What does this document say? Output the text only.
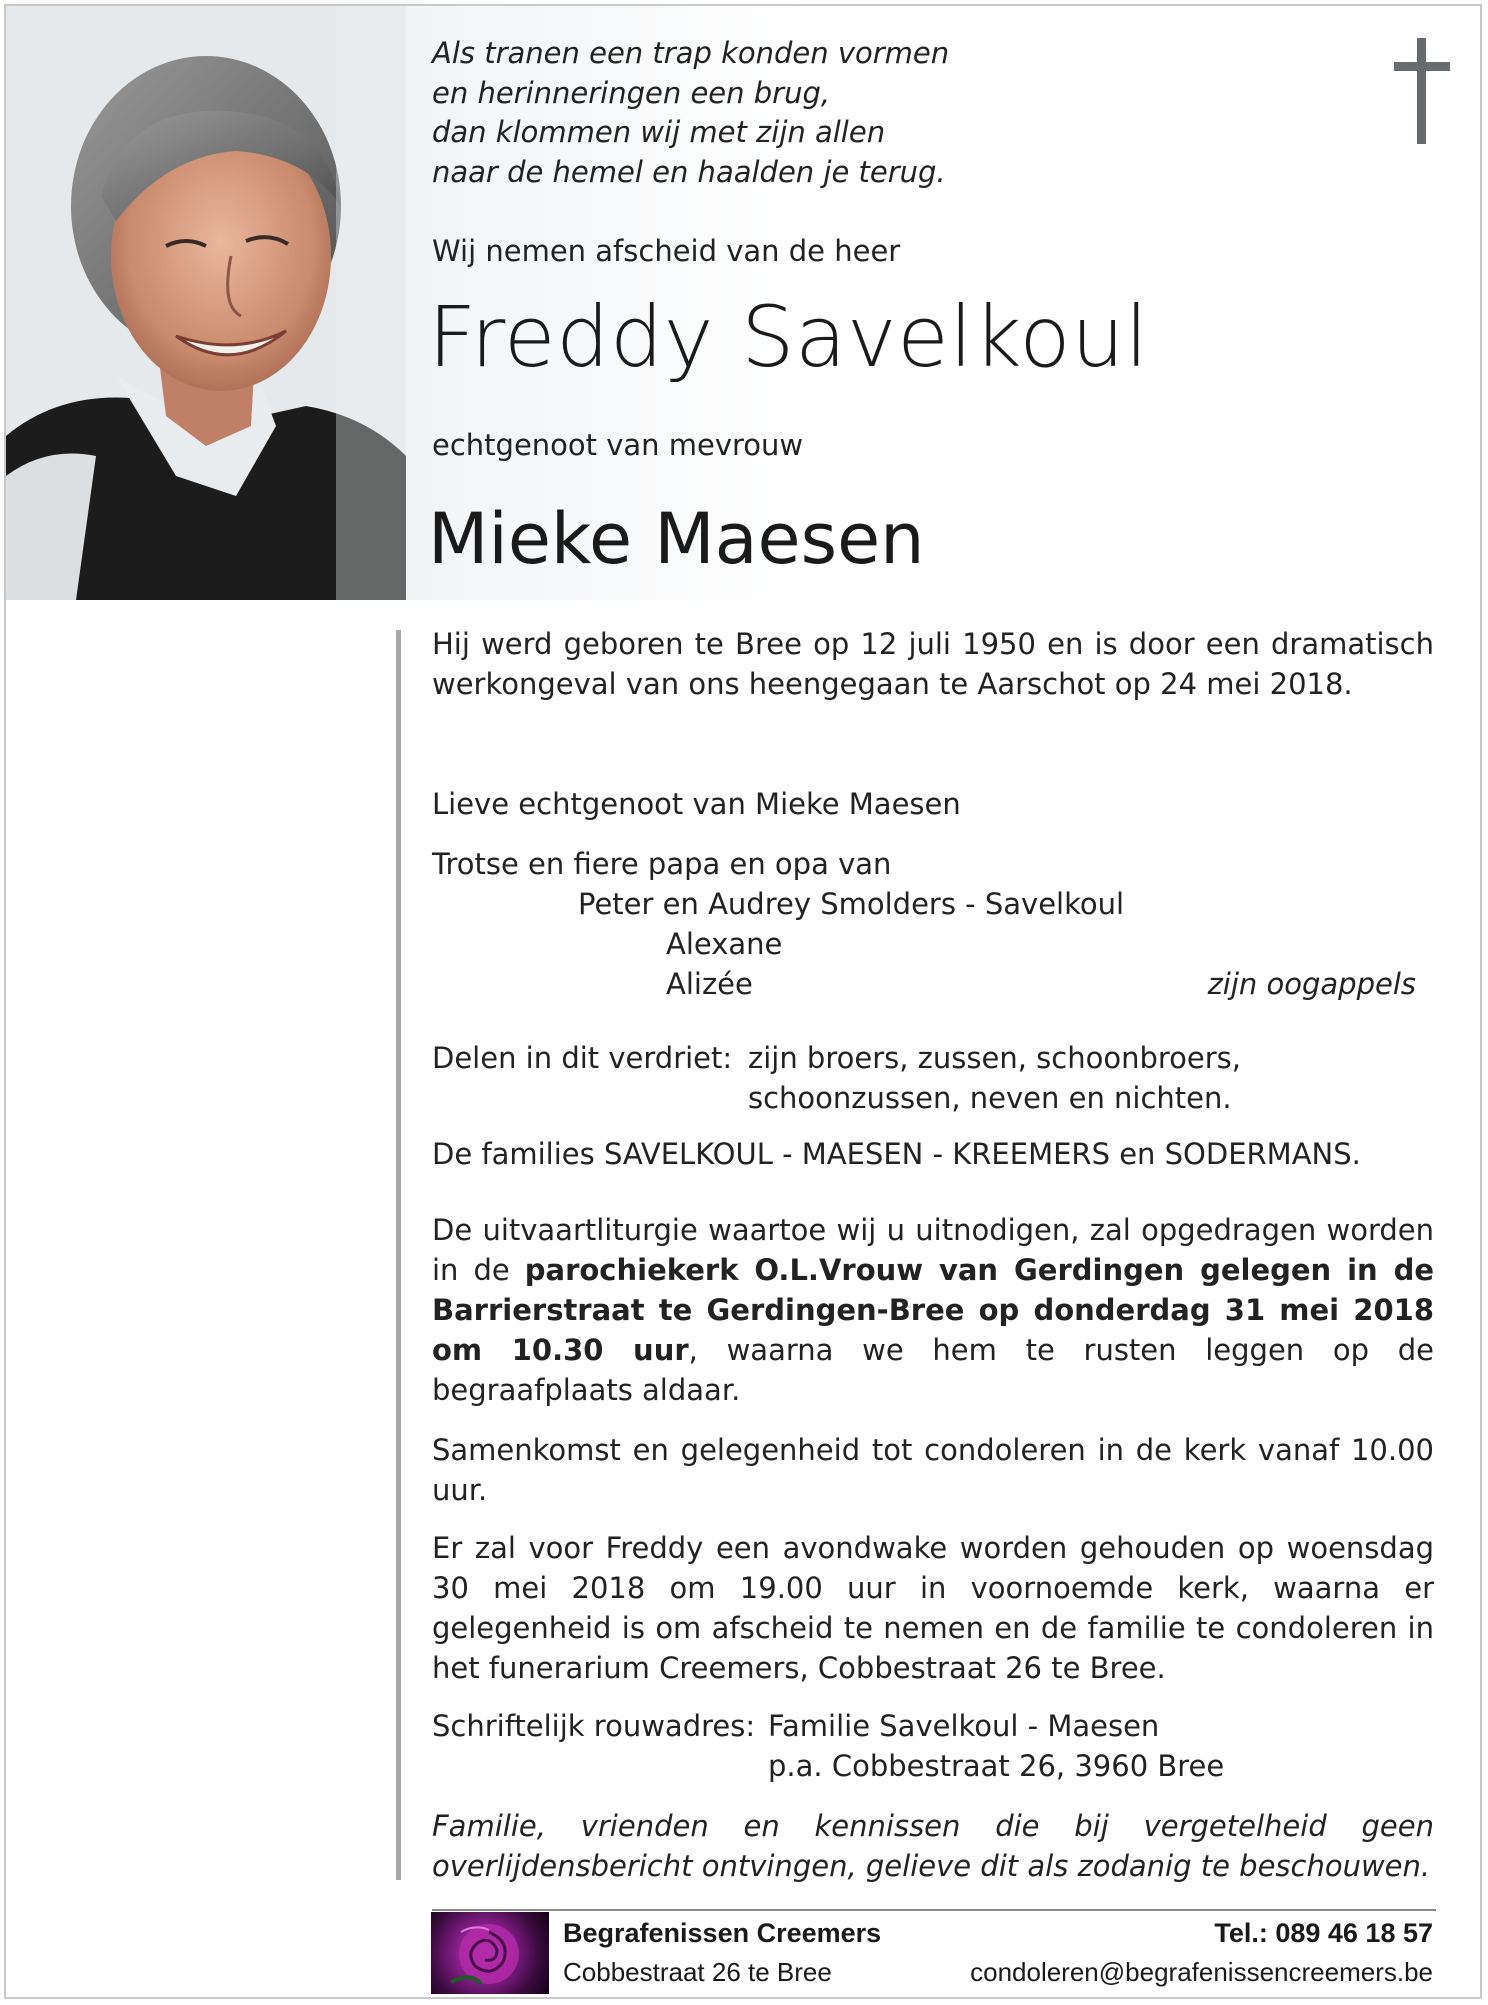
Als tranen een trap konden vormen
en herinneringen een brug,
dan klommen wij met zijn allen
naar de hemel en haalden je terug.
Wij nemen afscheid van de heer
Freddy Savelkoul
echtgenoot van mevrouw
Mieke Maesen
Hij werd geboren te Bree op 12 juli 1950 en is door een dramatisch werkongeval van ons heengegaan te Aarschot op 24 mei 2018.
Lieve echtgenoot van Mieke Maesen
Trotse en fiere papa en opa van
Peter en Audrey Smolders - Savelkoul
Alexane
Alizée	zijn oogappels
Delen in dit verdriet: zijn broers, zussen, schoonbroers,
schoonzussen, neven en nichten.
De families SAVELKOUL - MAESEN - KREEMERS en SODERMANS.
De uitvaartliturgie waartoe wij u uitnodigen, zal opgedragen worden in de parochiekerk O.L.Vrouw van Gerdingen gelegen in de Barrierstraat te Gerdingen-Bree op donderdag 31 mei 2018 om 10.30 uur, waarna we hem te rusten leggen op de begraafplaats aldaar.
Samenkomst en gelegenheid tot condoleren in de kerk vanaf 10.00 uur.
Er zal voor Freddy een avondwake worden gehouden op woensdag 30 mei 2018 om 19.00 uur in voornoemde kerk, waarna er gelegenheid is om afscheid te nemen en de familie te condoleren in het funerarium Creemers, Cobbestraat 26 te Bree.
Schriftelijk rouwadres: Familie Savelkoul - Maesen
p.a. Cobbestraat 26, 3960 Bree
Familie, vrienden en kennissen die bij vergetelheid geen overlijdensbericht ontvingen, gelieve dit als zodanig te beschouwen.
Begrafenissen Creemers
Cobbestraat 26 te Bree
Tel.: 089 46 18 57
condoleren@begrafenissencreemers.be
